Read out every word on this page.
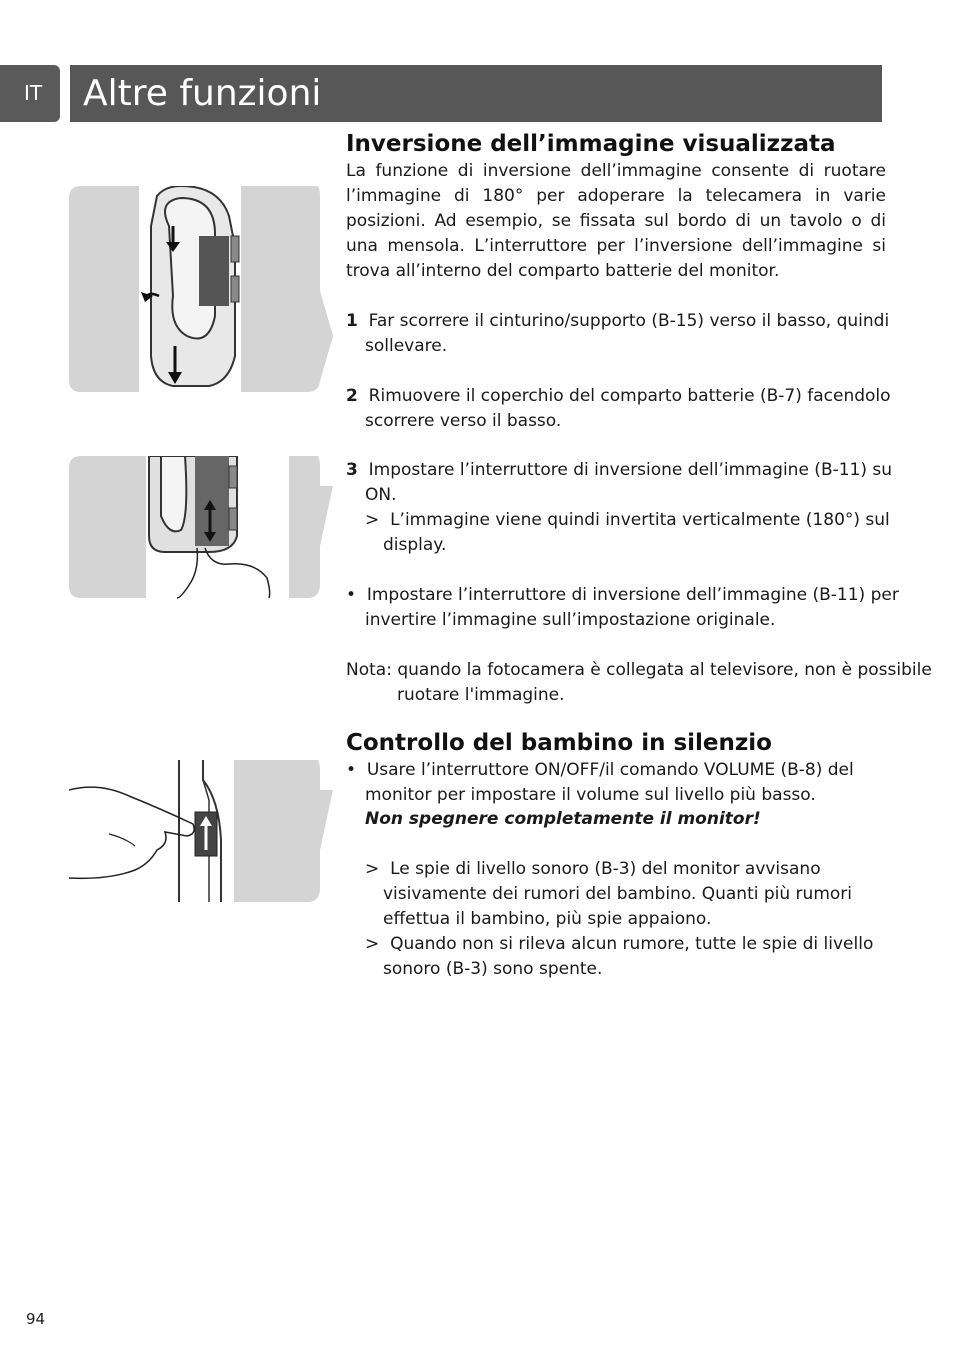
IT	Altre funzioni
Inversione dell’immagine visualizzata

La funzione di inversione dell’immagine consente di ruotare l’immagine di 180° per adoperare la telecamera in varie posizioni. Ad esempio, se fissata sul bordo di un tavolo o di una mensola. L’interruttore per l’inversione dell’immagine si trova all’interno del comparto batterie del monitor.

1 Far scorrere il cinturino/supporto (B-15) verso il basso, quindi sollevare.

2 Rimuovere il coperchio del comparto batterie (B-7) facendolo scorrere verso il basso.

3 Impostare l’interruttore di inversione dell’immagine (B-11) su ON.

> L’immagine viene quindi invertita verticalmente (180°) sul display.

• Impostare l’interruttore di inversione dell’immagine (B-11) per invertire l’immagine sull’impostazione originale.

Nota: quando la fotocamera è collegata al televisore, non è possibile ruotare l'immagine.

Controllo del bambino in silenzio

• Usare l’interruttore ON/OFF/il comando VOLUME (B-8) del monitor per impostare il volume sul livello più basso.

Non spegnere completamente il monitor!

> Le spie di livello sonoro (B-3) del monitor avvisano visivamente dei rumori del bambino. Quanti più rumori effettua il bambino, più spie appaiono.

> Quando non si rileva alcun rumore, tutte le spie di livello sonoro (B-3) sono spente.

94
